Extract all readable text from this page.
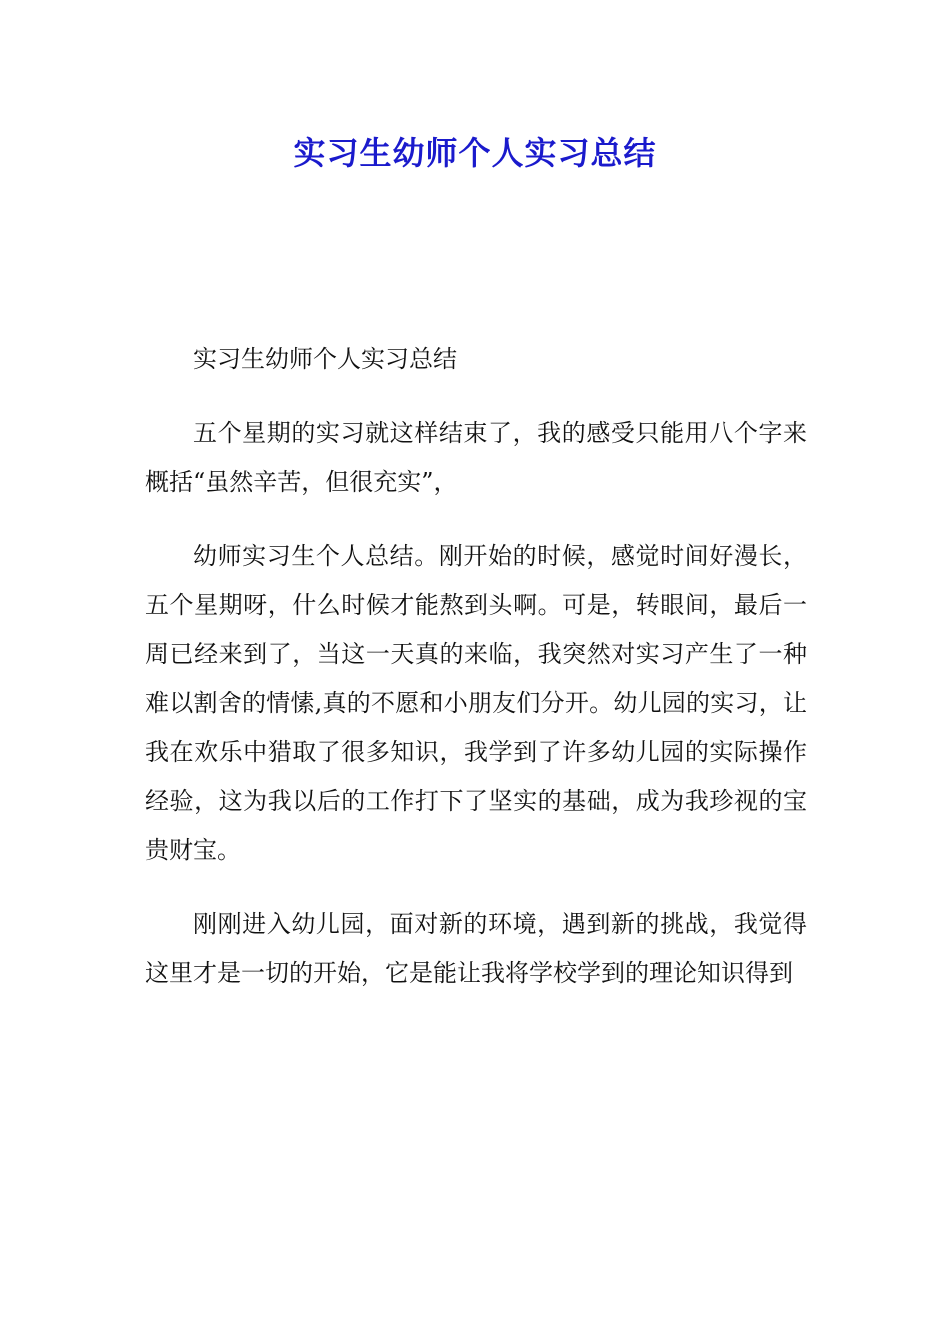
实习生幼师个人实习总结

实习生幼师个人实习总结

五个星期的实习就这样结束了，我的感受只能用八个字来概括“虽然辛苦，但很充实”，

幼师实习生个人总结。刚开始的时候，感觉时间好漫长，五个星期呀，什么时候才能熬到头啊。可是，转眼间，最后一周已经来到了，当这一天真的来临，我突然对实习产生了一种难以割舍的情愫,真的不愿和小朋友们分开。幼儿园的实习，让我在欢乐中猎取了很多知识，我学到了许多幼儿园的实际操作经验，这为我以后的工作打下了坚实的基础，成为我珍视的宝贵财宝。

刚刚进入幼儿园，面对新的环境，遇到新的挑战，我觉得这里才是一切的开始，它是能让我将学校学到的理论知识得到
